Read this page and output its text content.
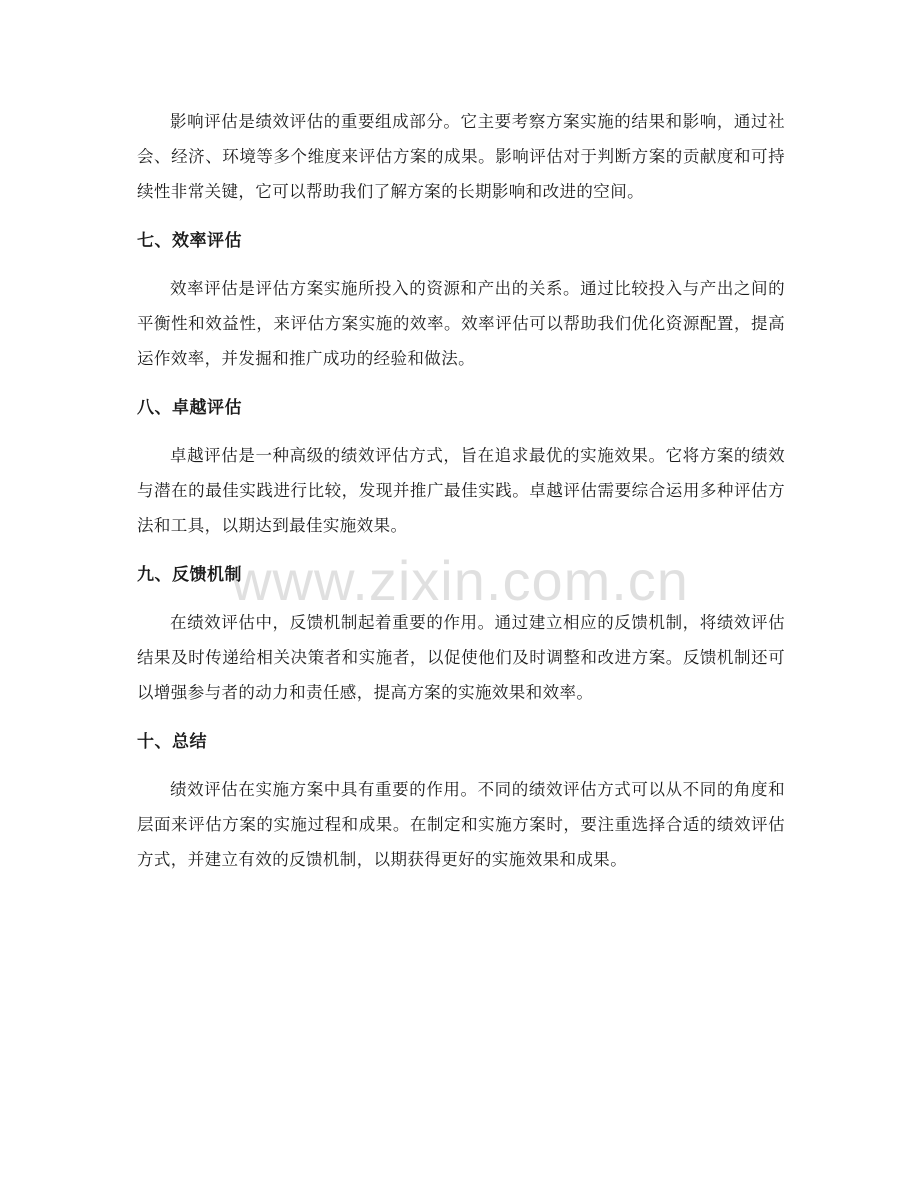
影响评估是绩效评估的重要组成部分。它主要考察方案实施的结果和影响，通过社会、经济、环境等多个维度来评估方案的成果。影响评估对于判断方案的贡献度和可持续性非常关键，它可以帮助我们了解方案的长期影响和改进的空间。

七、效率评估

效率评估是评估方案实施所投入的资源和产出的关系。通过比较投入与产出之间的平衡性和效益性，来评估方案实施的效率。效率评估可以帮助我们优化资源配置，提高运作效率，并发掘和推广成功的经验和做法。

八、卓越评估

卓越评估是一种高级的绩效评估方式，旨在追求最优的实施效果。它将方案的绩效与潜在的最佳实践进行比较，发现并推广最佳实践。卓越评估需要综合运用多种评估方法和工具，以期达到最佳实施效果。

九、反馈机制

在绩效评估中，反馈机制起着重要的作用。通过建立相应的反馈机制，将绩效评估结果及时传递给相关决策者和实施者，以促使他们及时调整和改进方案。反馈机制还可以增强参与者的动力和责任感，提高方案的实施效果和效率。

十、总结

绩效评估在实施方案中具有重要的作用。不同的绩效评估方式可以从不同的角度和层面来评估方案的实施过程和成果。在制定和实施方案时，要注重选择合适的绩效评估方式，并建立有效的反馈机制，以期获得更好的实施效果和成果。

www.zixin.com.cn
